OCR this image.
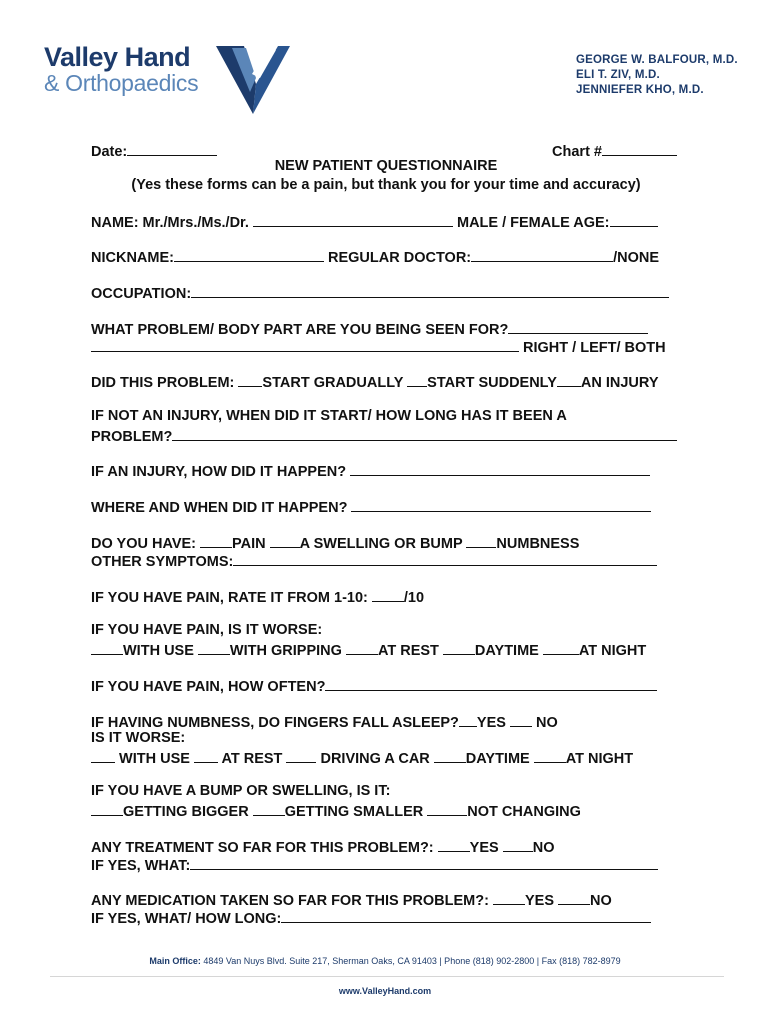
Valley Hand
& Orthopaedics
GEORGE W. BALFOUR, M.D.
ELI T. ZIV, M.D.
JENNIEFER KHO, M.D.
Date:	Chart #
NEW PATIENT QUESTIONNAIRE
(Yes these forms can be a pain, but thank you for your time and accuracy)
NAME: Mr./Mrs./Ms./Dr.	MALE / FEMALE AGE:
NICKNAME:	REGULAR DOCTOR:	/NONE
OCCUPATION:
WHAT PROBLEM/ BODY PART ARE YOU BEING SEEN FOR?
RIGHT / LEFT/ BOTH
DID THIS PROBLEM: START GRADUALLY START SUDDENLY AN INJURY
IF NOT AN INJURY, WHEN DID IT START/ HOW LONG HAS IT BEEN A
PROBLEM?
IF AN INJURY, HOW DID IT HAPPEN?
WHERE AND WHEN DID IT HAPPEN?
DO YOU HAVE: PAIN A SWELLING OR BUMP NUMBNESS
OTHER SYMPTOMS:
IF YOU HAVE PAIN, RATE IT FROM 1-10: /10
IF YOU HAVE PAIN, IS IT WORSE:
WITH USE WITH GRIPPING AT REST DAYTIME	AT NIGHT
IF YOU HAVE PAIN, HOW OFTEN?
IF HAVING NUMBNESS, DO FINGERS FALL ASLEEP? YES NO
IS IT WORSE:
WITH USE AT REST	DRIVING A CAR DAYTIME AT NIGHT
IF YOU HAVE A BUMP OR SWELLING, IS IT:
GETTING BIGGER GETTING SMALLER	NOT CHANGING
ANY TREATMENT SO FAR FOR THIS PROBLEM?: YES NO
IF YES, WHAT:
ANY MEDICATION TAKEN SO FAR FOR THIS PROBLEM?: YES NO
IF YES, WHAT/ HOW LONG:
Main Office: 4849 Van Nuys Blvd. Suite 217, Sherman Oaks, CA 91403 | Phone (818) 902-2800 | Fax (818) 782-8979
www.ValleyHand.com
